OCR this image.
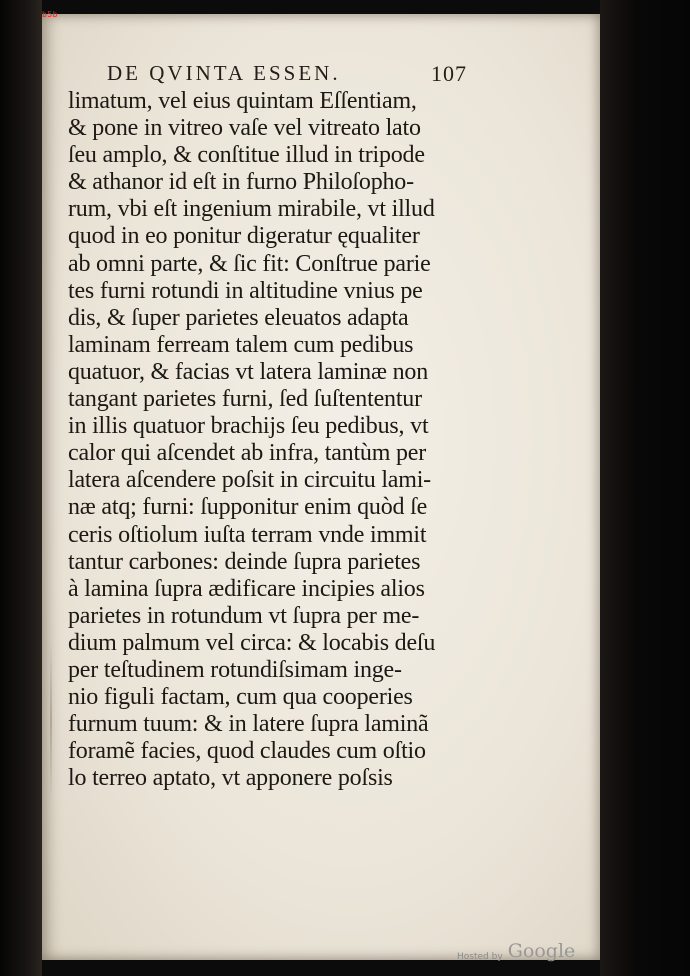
b5b
DE QVINTA ESSEN.	107
limatum, vel eius quintam Eſſentiam,
& pone in vitreo vaſe vel vitreato lato
ſeu amplo, & conſtitue illud in tripode
& athanor id eſt in furno Philoſopho-
rum, vbi eſt ingenium mirabile, vt illud
quod in eo ponitur digeratur ęqualiter
ab omni parte, & ſic fit: Conſtrue parie
tes furni rotundi in altitudine vnius pe
dis, & ſuper parietes eleuatos adapta
laminam ferream talem cum pedibus
quatuor, & facias vt latera laminæ non
tangant parietes furni, ſed ſuſtententur
in illis quatuor brachijs ſeu pedibus, vt
calor qui aſcendet ab infra, tantùm per
latera aſcendere poſsit in circuitu lami-
næ atq; furni: ſupponitur enim quòd ſe
ceris oſtiolum iuſta terram vnde immit
tantur carbones: deinde ſupra parietes
à lamina ſupra ædificare incipies alios
parietes in rotundum vt ſupra per me-
dium palmum vel circa: & locabis deſu
per teſtudinem rotundiſsimam inge-
nio figuli factam, cum qua cooperies
furnum tuum: & in latere ſupra laminã
foramẽ facies, quod claudes cum oſtio
lo terreo aptato, vt apponere poſsis
Hosted by Google
